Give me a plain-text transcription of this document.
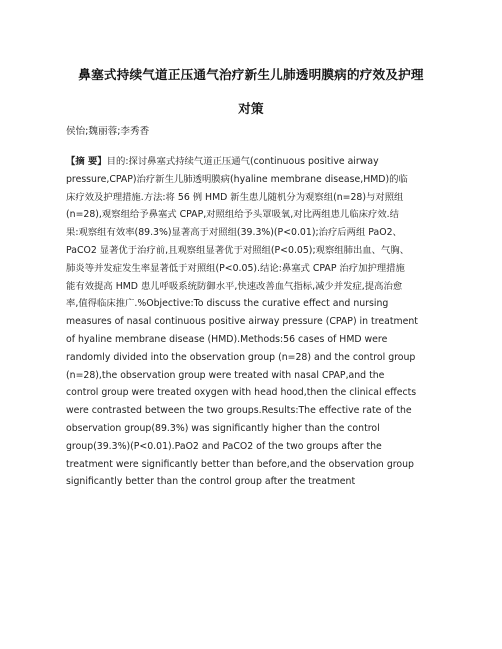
鼻塞式持续气道正压通气治疗新生儿肺透明膜病的疗效及护理
对策
侯怡;魏丽蓉;李秀香
【摘 要】目的:探讨鼻塞式持续气道正压通气(continuous positive airway
pressure,CPAP)治疗新生儿肺透明膜病(hyaline membrane disease,HMD)的临
床疗效及护理措施.方法:将 56 例 HMD 新生患儿随机分为观察组(n=28)与对照组
(n=28),观察组给予鼻塞式 CPAP,对照组给予头罩吸氧,对比两组患儿临床疗效.结
果:观察组有效率(89.3%)显著高于对照组(39.3%)(P<0.01);治疗后两组 PaO2、
PaCO2 显著优于治疗前,且观察组显著优于对照组(P<0.05);观察组肺出血、气胸、
肺炎等并发症发生率显著低于对照组(P<0.05).结论:鼻塞式 CPAP 治疗加护理措施
能有效提高 HMD 患儿呼吸系统防御水平,快速改善血气指标,减少并发症,提高治愈
率,值得临床推广.%Objective:To discuss the curative effect and nursing
measures of nasal continuous positive airway pressure (CPAP) in treatment
of hyaline membrane disease (HMD).Methods:56 cases of HMD were
randomly divided into the observation group (n=28) and the control group
(n=28),the observation group were treated with nasal CPAP,and the
control group were treated oxygen with head hood,then the clinical effects
were contrasted between the two groups.Results:The effective rate of the
observation group(89.3%) was significantly higher than the control
group(39.3%)(P<0.01).PaO2 and PaCO2 of the two groups after the
treatment were significantly better than before,and the observation group
significantly better than the control group after the treatment
